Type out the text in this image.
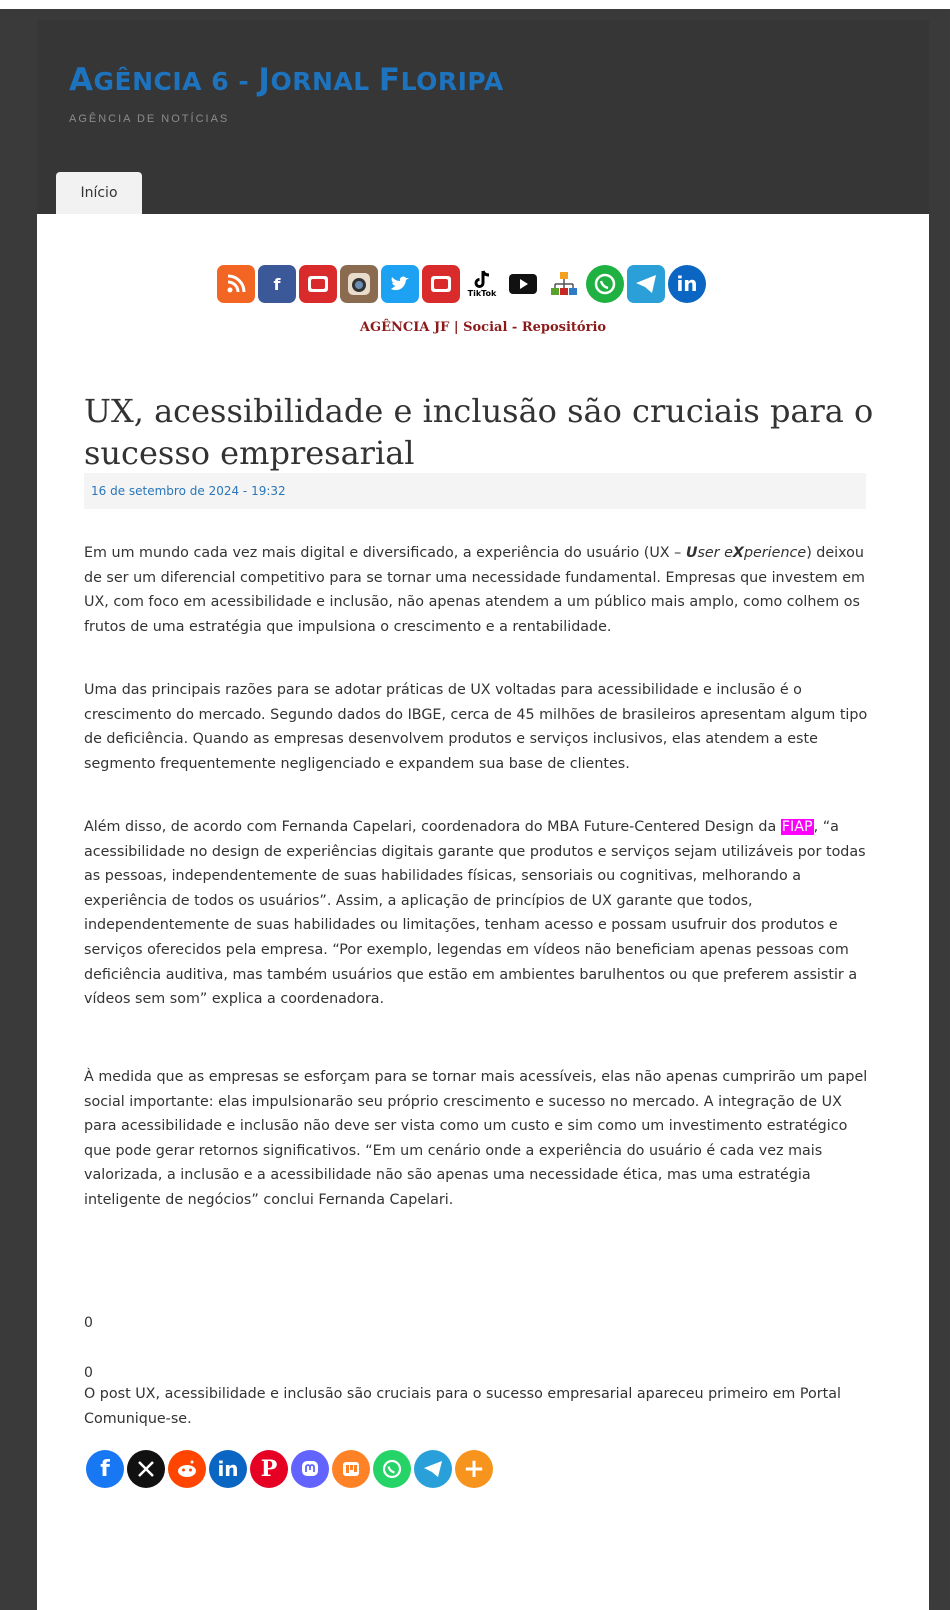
AGÊNCIA 6 - JORNAL FLORIPA
AGÊNCIA DE NOTÍCIAS
Início
f	TikTok	in
AGÊNCIA JF | Social - Repositório
UX, acessibilidade e inclusão são cruciais para o sucesso empresarial
16 de setembro de 2024 - 19:32
Em um mundo cada vez mais digital e diversificado, a experiência do usuário (UX – User eXperience) deixou de ser um diferencial competitivo para se tornar uma necessidade fundamental. Empresas que investem em UX, com foco em acessibilidade e inclusão, não apenas atendem a um público mais amplo, como colhem os frutos de uma estratégia que impulsiona o crescimento e a rentabilidade.
Uma das principais razões para se adotar práticas de UX voltadas para acessibilidade e inclusão é o crescimento do mercado. Segundo dados do IBGE, cerca de 45 milhões de brasileiros apresentam algum tipo de deficiência. Quando as empresas desenvolvem produtos e serviços inclusivos, elas atendem a este segmento frequentemente negligenciado e expandem sua base de clientes.
Além disso, de acordo com Fernanda Capelari, coordenadora do MBA Future-Centered Design da FIAP, “a acessibilidade no design de experiências digitais garante que produtos e serviços sejam utilizáveis por todas as pessoas, independentemente de suas habilidades físicas, sensoriais ou cognitivas, melhorando a experiência de todos os usuários”. Assim, a aplicação de princípios de UX garante que todos, independentemente de suas habilidades ou limitações, tenham acesso e possam usufruir dos produtos e serviços oferecidos pela empresa. “Por exemplo, legendas em vídeos não beneficiam apenas pessoas com deficiência auditiva, mas também usuários que estão em ambientes barulhentos ou que preferem assistir a vídeos sem som” explica a coordenadora.
À medida que as empresas se esforçam para se tornar mais acessíveis, elas não apenas cumprirão um papel social importante: elas impulsionarão seu próprio crescimento e sucesso no mercado. A integração de UX para acessibilidade e inclusão não deve ser vista como um custo e sim como um investimento estratégico que pode gerar retornos significativos. “Em um cenário onde a experiência do usuário é cada vez mais valorizada, a inclusão e a acessibilidade não são apenas uma necessidade ética, mas uma estratégia inteligente de negócios” conclui Fernanda Capelari.
0
0
O post UX, acessibilidade e inclusão são cruciais para o sucesso empresarial apareceu primeiro em Portal Comunique-se.
f	in	P	+
